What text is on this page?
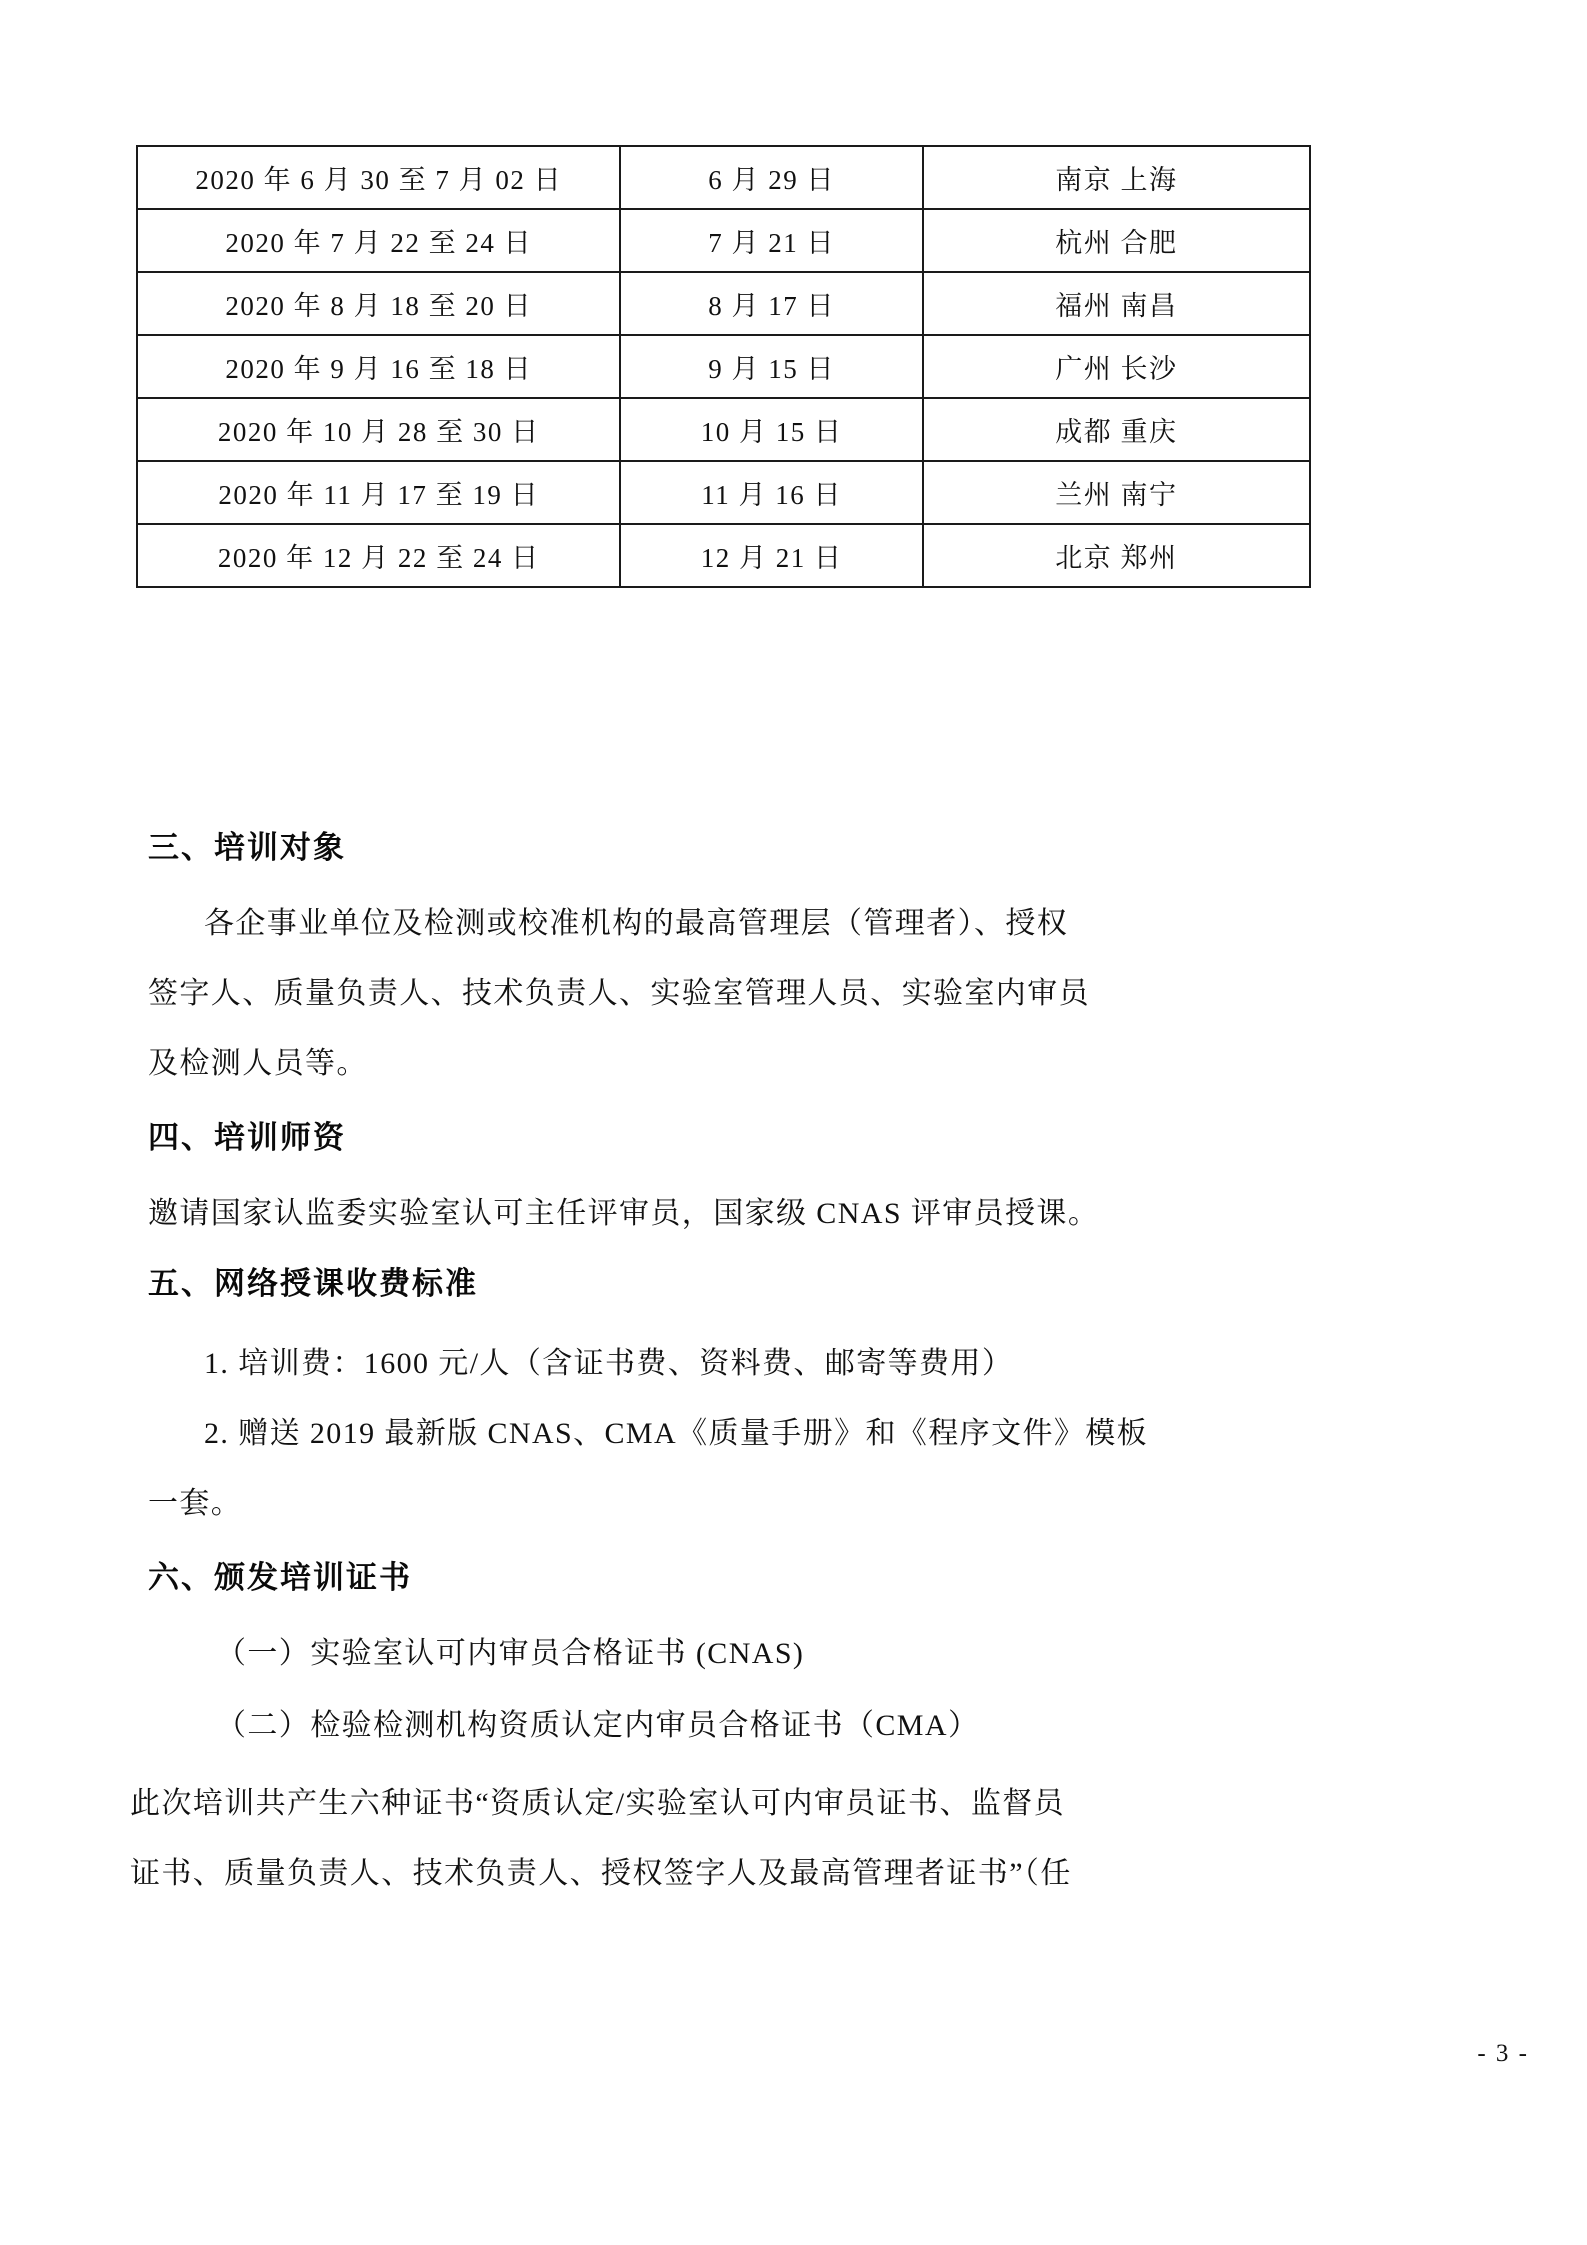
2020 年 6 月 30 至 7 月 02 日	6 月 29 日	南京 上海
2020 年 7 月 22 至 24 日	7 月 21 日	杭州 合肥
2020 年 8 月 18 至 20 日	8 月 17 日	福州 南昌
2020 年 9 月 16 至 18 日	9 月 15 日	广州 长沙
2020 年 10 月 28 至 30 日	10 月 15 日	成都 重庆
2020 年 11 月 17 至 19 日	11 月 16 日	兰州 南宁
2020 年 12 月 22 至 24 日	12 月 21 日	北京 郑州
三、培训对象
各企事业单位及检测或校准机构的最高管理层（管理者）、授权
签字人、质量负责人、技术负责人、实验室管理人员、实验室内审员
及检测人员等。
四、培训师资
邀请国家认监委实验室认可主任评审员，国家级 CNAS 评审员授课。
五、网络授课收费标准
1. 培训费：1600 元/人（含证书费、资料费、邮寄等费用）
2. 赠送 2019 最新版 CNAS、CMA《质量手册》和《程序文件》模板
一套。
六、颁发培训证书
（一）实验室认可内审员合格证书 (CNAS)
（二）检验检测机构资质认定内审员合格证书（CMA）
此次培训共产生六种证书“资质认定/实验室认可内审员证书、监督员
证书、质量负责人、技术负责人、授权签字人及最高管理者证书”（任
- 3 -
